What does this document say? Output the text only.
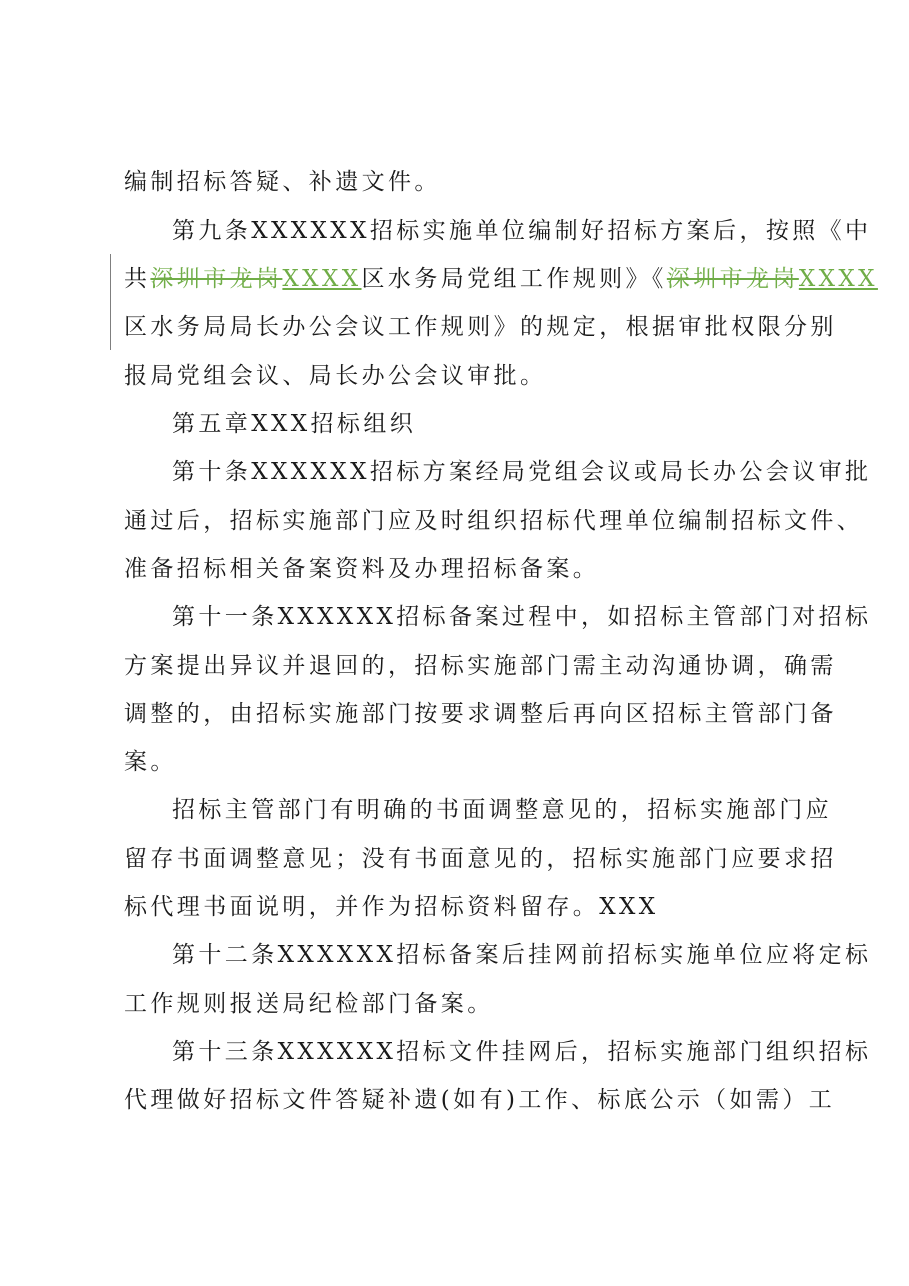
编制招标答疑、补遗文件。
第九条XXXXXX招标实施单位编制好招标方案后，按照《中
共深圳市龙岗XXXX区水务局党组工作规则》《深圳市龙岗XXXX
区水务局局长办公会议工作规则》的规定，根据审批权限分别
报局党组会议、局长办公会议审批。
第五章XXX招标组织
第十条XXXXXX招标方案经局党组会议或局长办公会议审批
通过后，招标实施部门应及时组织招标代理单位编制招标文件、
准备招标相关备案资料及办理招标备案。
第十一条XXXXXX招标备案过程中，如招标主管部门对招标
方案提出异议并退回的，招标实施部门需主动沟通协调，确需
调整的，由招标实施部门按要求调整后再向区招标主管部门备
案。
招标主管部门有明确的书面调整意见的，招标实施部门应
留存书面调整意见；没有书面意见的，招标实施部门应要求招
标代理书面说明，并作为招标资料留存。XXX
第十二条XXXXXX招标备案后挂网前招标实施单位应将定标
工作规则报送局纪检部门备案。
第十三条XXXXXX招标文件挂网后，招标实施部门组织招标
代理做好招标文件答疑补遗(如有)工作、标底公示（如需）工
